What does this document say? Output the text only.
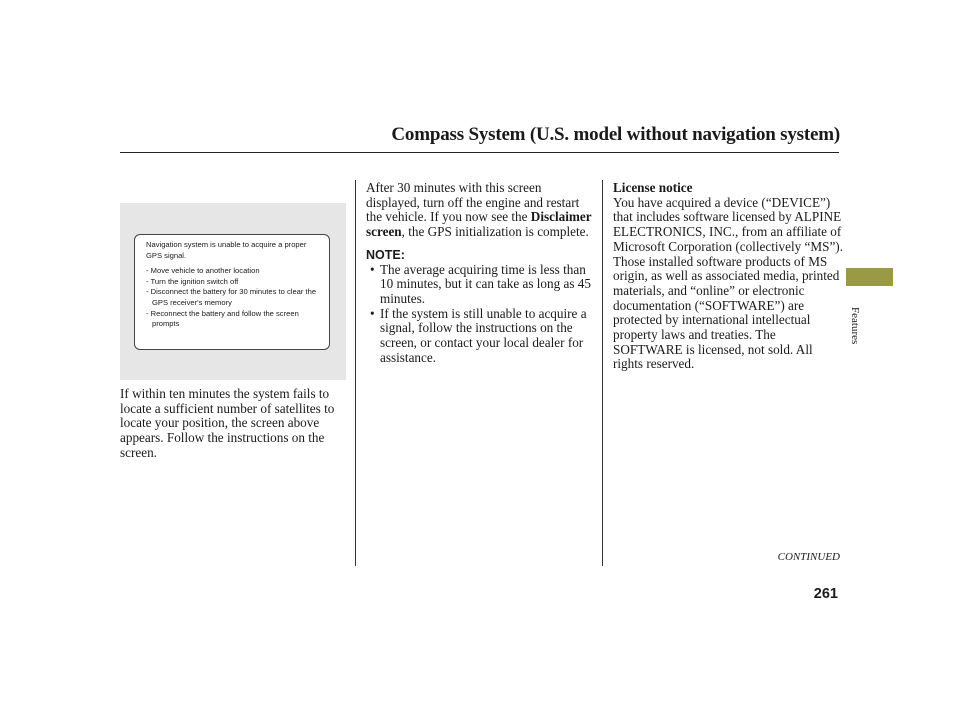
Compass System (U.S. model without navigation system)
Navigation system is unable to acquire a proper GPS signal.
- Move vehicle to another location
- Turn the ignition switch off
- Disconnect the battery for 30 minutes to clear the GPS receiver's memory
- Reconnect the battery and follow the screen prompts

If within ten minutes the system fails to locate a sufficient number of satellites to locate your position, the screen above appears. Follow the instructions on the screen.

After 30 minutes with this screen displayed, turn off the engine and restart the vehicle. If you now see the Disclaimer screen, the GPS initialization is complete.

NOTE:
• The average acquiring time is less than 10 minutes, but it can take as long as 45 minutes.
• If the system is still unable to acquire a signal, follow the instructions on the screen, or contact your local dealer for assistance.

License notice

You have acquired a device (“DEVICE”) that includes software licensed by ALPINE ELECTRONICS, INC., from an affiliate of Microsoft Corporation (collectively “MS”). Those installed software products of MS origin, as well as associated media, printed materials, and “online” or electronic documentation (“SOFTWARE”) are protected by international intellectual property laws and treaties. The SOFTWARE is licensed, not sold. All rights reserved.

Features
CONTINUED
261
